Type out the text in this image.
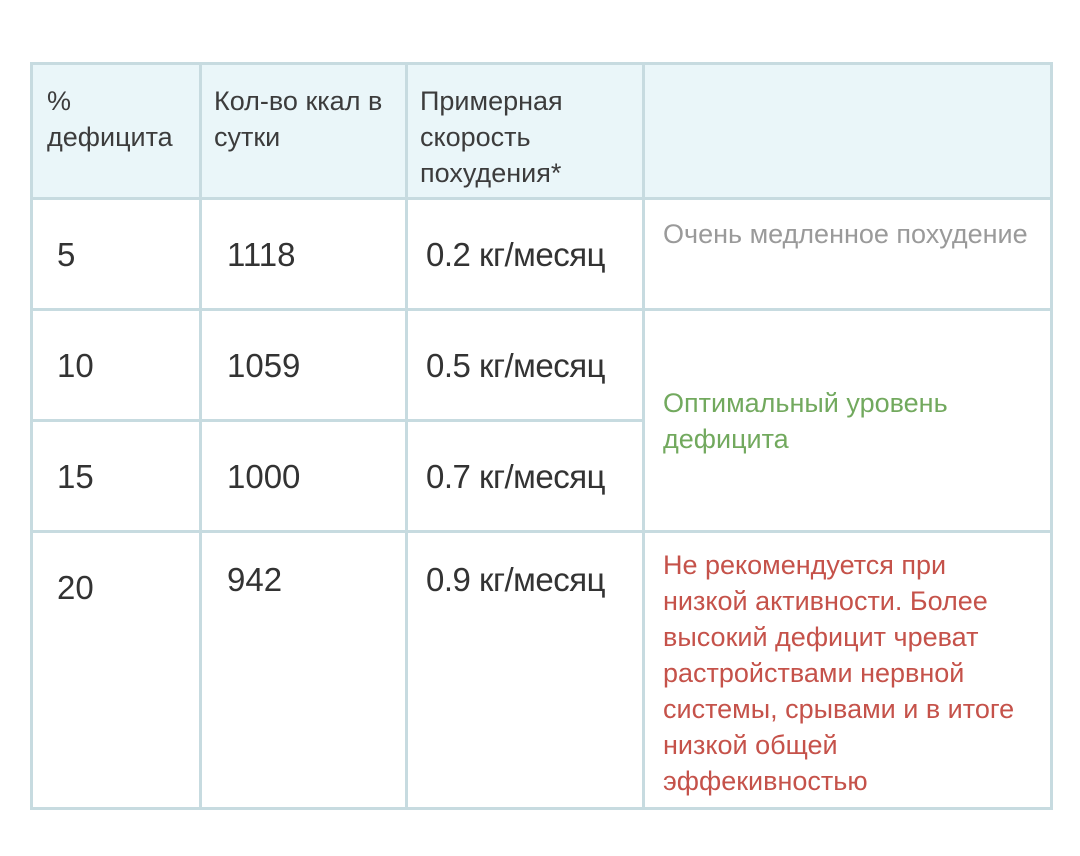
% дефицита	Кол-во ккал в сутки	Примерная скорость похудения*	

5	1118	0.2 кг/месяц	Очень медленное похудение

10	1059	0.5 кг/месяц	Оптимальный уровень дефицита

15	1000	0.7 кг/месяц	

20	942	0.9 кг/месяц	Не рекомендуется при низкой активности. Более высокий дефицит чреват растройствами нервной системы, срывами и в итоге низкой общей эффекивностью
